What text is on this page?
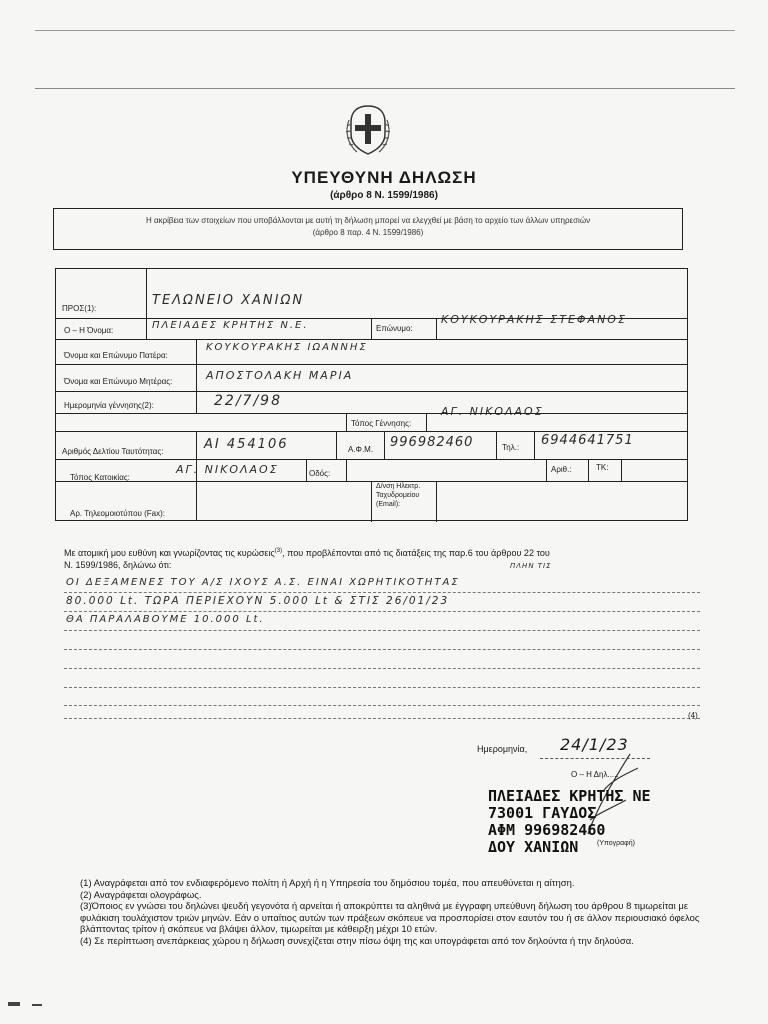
ΥΠΕΥΘΥΝΗ ΔΗΛΩΣΗ
(άρθρο 8 Ν. 1599/1986)
Η ακρίβεια των στοιχείων που υποβάλλονται με αυτή τη δήλωση μπορεί να ελεγχθεί με βάση το αρχείο των άλλων υπηρεσιών
(άρθρο 8 παρ. 4 Ν. 1599/1986)
ΠΡΟΣ(1):
ΤΕΛΩΝΕΙΟ ΧΑΝΙΩΝ
Ο – Η Όνομα:	ΠΛΕΙΑΔΕΣ ΚΡΗΤΗΣ Ν.Ε.	Επώνυμο:
ΚΟΥΚΟΥΡΑΚΗΣ ΣΤΕΦΑΝΟΣ
Όνομα και Επώνυμο Πατέρα:
ΚΟΥΚΟΥΡΑΚΗΣ ΙΩΑΝΝΗΣ
Όνομα και Επώνυμο Μητέρας:	ΑΠΟΣΤΟΛΑΚΗ ΜΑΡΙΑ
Ημερομηνία γέννησης(2):	22/7/98
Τόπος Γέννησης:
ΑΓ. ΝΙΚΟΛΑΟΣ
Αριθμός Δελτίου Ταυτότητας:	ΑΙ 454106	Α.Φ.Μ. 996982460	Τηλ.: 6944641751
Τόπος Κατοικίας:
ΑΓ. ΝΙΚΟΛΑΟΣ	Οδός:	Αριθ.:	ΤΚ:
Αρ. Τηλεομοιοτύπου (Fax):
Δ/νση Ηλεκτρ.
Ταχυδρομείου
(Email):
Με ατομική μου ευθύνη και γνωρίζοντας τις κυρώσεις$^{(3)}$, που προβλέπονται από τις διατάξεις της παρ.6 του άρθρου 22 του
Ν. 1599/1986, δηλώνω ότι:
ΟΙ ΔΕΞΑΜΕΝΕΣ ΤΟΥ Α/Σ ΙΧΟΥΣ Α.Σ. ΕΙΝΑΙ ΧΩΡΗΤΙΚΟΤΗΤΑΣ
ΠΛΗΝ ΤΙΣ
80.000 Lt. ΤΩΡΑ ΠΕΡΙΕΧΟΥΝ 5.000 Lt & ΣΤΙΣ 26/01/23
ΘΑ ΠΑΡΑΛΑΒΟΥΜΕ 10.000 Lt.
(4)
Ημερομηνία, 24/1/23
Ο – Η Δηλ.....
ΠΛΕΙΑΔΕΣ ΚΡΗΤΗΣ ΝΕ
73001 ΓΑΥΔΟΣ
ΑΦΜ 996982460
ΔΟΥ ΧΑΝΙΩΝ	(Υπογραφή)

(1) Αναγράφεται από τον ενδιαφερόμενο πολίτη ή Αρχή ή η Υπηρεσία του δημόσιου τομέα, που απευθύνεται η αίτηση.

(2) Αναγράφεται ολογράφως.

(3)Όποιος εν γνώσει του δηλώνει ψευδή γεγονότα ή αρνείται ή αποκρύπτει τα αληθινά με έγγραφη υπεύθυνη δήλωση του άρθρου 8 τιμωρείται με φυλάκιση τουλάχιστον τριών μηνών. Εάν ο υπαίτιος αυτών των πράξεων σκόπευε να προσπορίσει στον εαυτόν του ή σε άλλον περιουσιακό όφελος βλάπτοντας τρίτον ή σκόπευε να βλάψει άλλον, τιμωρείται με κάθειρξη μέχρι 10 ετών.

(4) Σε περίπτωση ανεπάρκειας χώρου η δήλωση συνεχίζεται στην πίσω όψη της και υπογράφεται από τον δηλούντα ή την δηλούσα.
